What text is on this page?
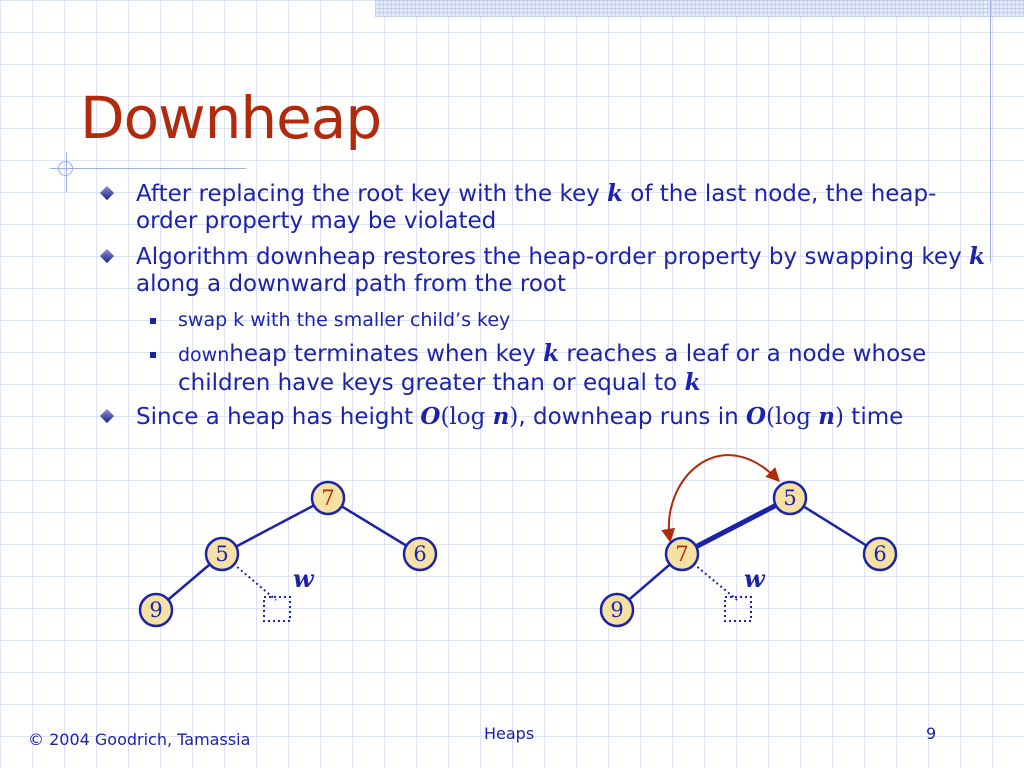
Downheap
After replacing the root key with the key k of the last node, the heap-order property may be violated
Algorithm downheap restores the heap-order property by swapping key k along a downward path from the root
swap k with the smaller child’s key
downheap terminates when key k reaches a leaf or a node whose children have keys greater than or equal to k
Since a heap has height O(log n), downheap runs in O(log n) time
w
7
5	6
9
w
5
7	6
9
© 2004 Goodrich, Tamassia	Heaps	9
